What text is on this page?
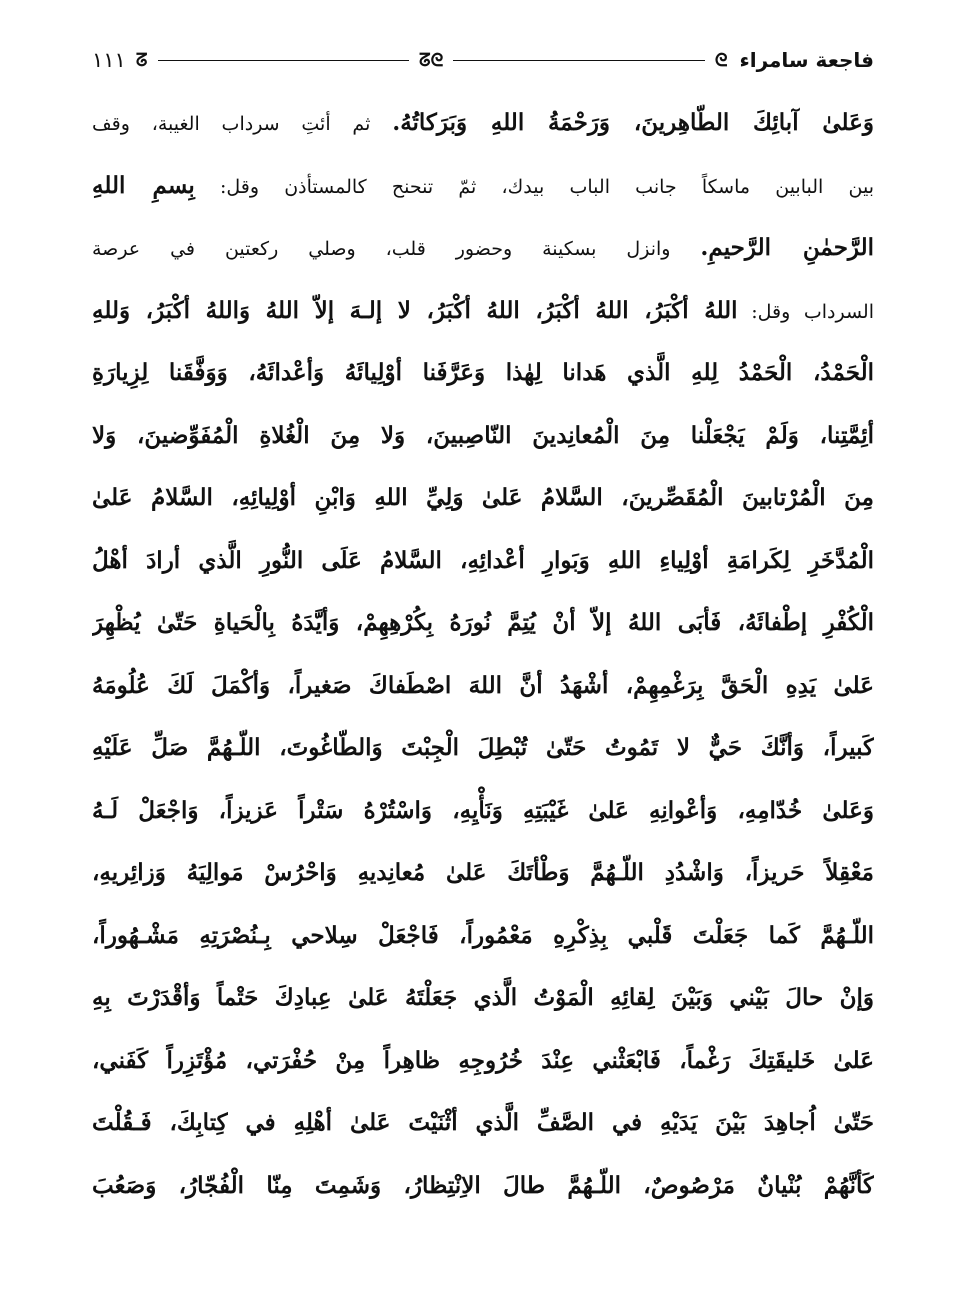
فاجعة سامراء
ᘓ
ᘔᘓ
ᘔ
١١١
وَعَلىٰ آبائِكَ الطّاهِرينَ، وَرَحْمَةُ اللهِ وَبَرَكاتُهُ. ثم أئتِ سرداب الغيبة، وقف
بين البابين ماسكاً جانب الباب بيدك، ثمّ تنحنح كالمستأذن وقل: بِسمِ اللهِ
الرَّحمٰنِ الرَّحيمِ. وانزل بسكينة وحضور قلب، وصلي ركعتين في عرصة
السرداب وقل: اللهُ أكْبَرُ، اللهُ أكْبَرُ، اللهُ أكْبَرُ، لا إلـهَ إلاّ اللهُ وَاللهُ أكْبَرُ، وَللهِ
الْحَمْدُ، الْحَمْدُ لِلهِ الَّذي هَدانا لِهٰذا وَعَرَّفَنا أوْلِيائَهُ وَأعْدائَهُ، وَوَفَّقَنا لِزِيارَةِ
أئِمَّتِنا، وَلَمْ يَجْعَلْنا مِنَ الْمُعانِدينَ النّاصِبينَ، وَلا مِنَ الْغُلاةِ الْمُفَوِّضينَ، وَلا
مِنَ الْمُرْتابينَ الْمُقَصِّرينَ، السَّلامُ عَلىٰ وَلِيِّ اللهِ وَابْنِ أوْلِيائِهِ، السَّلامُ عَلىٰ
الْمُدَّخَرِ لِكَرامَةِ أوْلِياءِ اللهِ وَبَوارِ أعْدائِهِ، السَّلامُ عَلَى النُّورِ الَّذي أرادَ أهْلُ
الْكُفْرِ إطْفائَهُ، فَأبَى اللهُ إلاّ أنْ يُتِمَّ نُورَهُ بِكُرْهِهِمْ، وَأيَّدَهُ بِالْحَياةِ حَتّىٰ يُظْهِرَ
عَلىٰ يَدِهِ الْحَقَّ بِرَغْمِهِمْ، أشْهَدُ أنَّ اللهَ اصْطَفاكَ صَغيراً، وَأكْمَلَ لَكَ عُلُومَهُ
كَبيراً، وَأنَّكَ حَيٌّ لا تَمُوتُ حَتّىٰ تُبْطِلَ الْجِبْتَ وَالطّاغُوتَ، اللّـهُمَّ صَلِّ عَلَيْهِ
وَعَلىٰ خُدّامِهِ، وَأعْوانِهِ عَلىٰ غَيْبَتِهِ وَنَأْيِهِ، وَاسْتُرْهُ سَتْراً عَزيزاً، وَاجْعَلْ لَـهُ
مَعْقِلاً حَريزاً، وَاشْدُدِ اللّـهُمَّ وَطْأتَكَ عَلىٰ مُعانِديهِ وَاحْرُسْ مَوالِيَهُ وَزائِريهِ،
اللّـهُمَّ كَما جَعَلْتَ قَلْبي بِذِكْرِهِ مَعْمُوراً، فَاجْعَلْ سِلاحي بِـنُصْرَتِهِ مَشْـهُوراً،
وَإنْ حالَ بَيْني وَبَيْنَ لِقائِهِ الْمَوْتُ الَّذي جَعَلْتَهُ عَلىٰ عِبادِكَ حَتْماً وَأقْدَرْتَ بِهِ
عَلىٰ خَليقَتِكَ رَغْماً، فَابْعَثْني عِنْدَ خُرُوجِهِ ظاهِراً مِنْ حُفْرَتي، مُؤْتَزِراً كَفَني،
حَتّىٰ اُجاهِدَ بَيْنَ يَدَيْهِ في الصَّفِّ الَّذي أثْنَيْتَ عَلىٰ أهْلِهِ في كِتابِكَ، فَـقُلْتَ
كَأنَّهُمْ بُنْيانٌ مَرْصُوصٌ، اللّـهُمَّ طالَ الاِنْتِظارُ، وَشَمِتَ مِنّا الْفُجّارُ، وَصَعُبَ
